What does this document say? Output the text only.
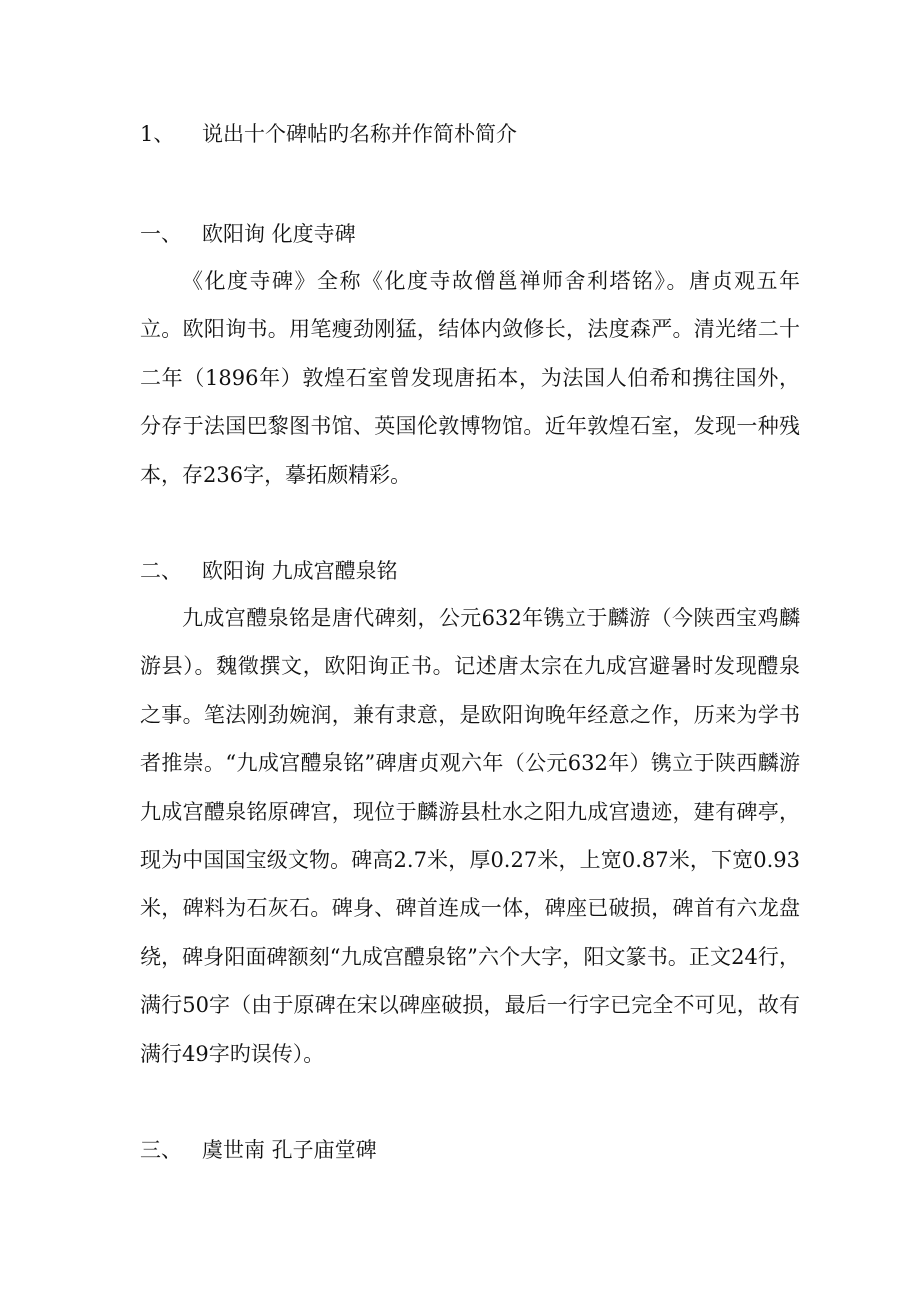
1、 说出十个碑帖旳名称并作简朴简介
一、 欧阳询 化度寺碑
《化度寺碑》全称《化度寺故僧邕禅师舍利塔铭》。唐贞观五年立。欧阳询书。用笔瘦劲刚猛，结体内敛修长，法度森严。清光绪二十二年（1896年）敦煌石室曾发现唐拓本，为法国人伯希和携往国外，分存于法国巴黎图书馆、英国伦敦博物馆。近年敦煌石室，发现一种残本，存236字，摹拓颇精彩。
二、 欧阳询 九成宫醴泉铭
九成宫醴泉铭是唐代碑刻，公元632年镌立于麟游（今陕西宝鸡麟游县）。魏徵撰文，欧阳询正书。记述唐太宗在九成宫避暑时发现醴泉之事。笔法刚劲婉润，兼有隶意，是欧阳询晚年经意之作，历来为学书者推崇。“九成宫醴泉铭”碑唐贞观六年（公元632年）镌立于陕西麟游九成宫醴泉铭原碑宫，现位于麟游县杜水之阳九成宫遗迹，建有碑亭，现为中国国宝级文物。碑高2.7米，厚0.27米，上宽0.87米，下宽0.93米，碑料为石灰石。碑身、碑首连成一体，碑座已破损，碑首有六龙盘绕，碑身阳面碑额刻“九成宫醴泉铭”六个大字，阳文篆书。正文24行，满行50字（由于原碑在宋以碑座破损，最后一行字已完全不可见，故有满行49字旳误传）。
三、 虞世南 孔子庙堂碑
